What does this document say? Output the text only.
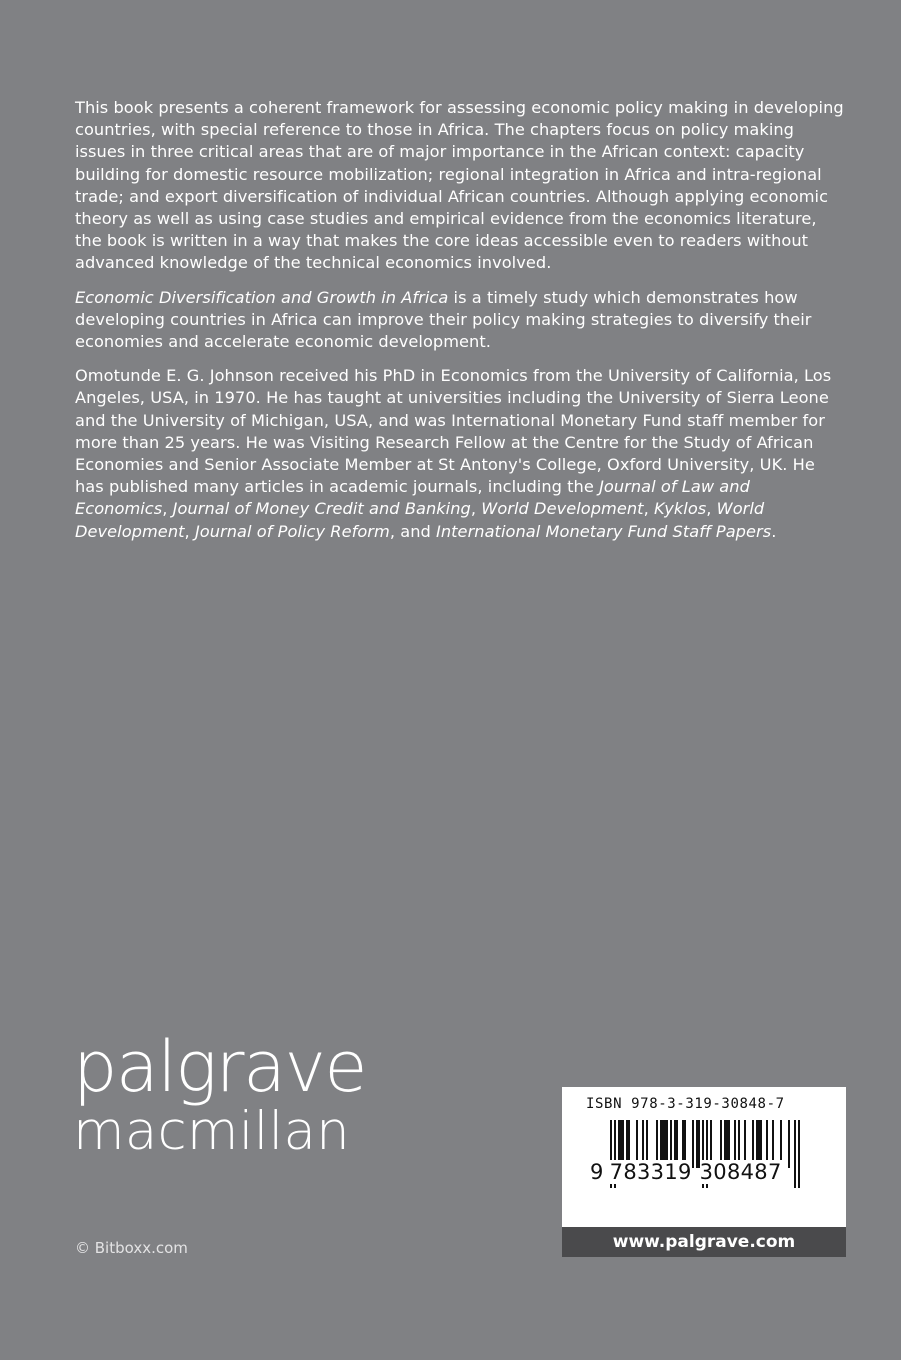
This book presents a coherent framework for assessing economic policy making in developing countries, with special reference to those in Africa. The chapters focus on policy making issues in three critical areas that are of major importance in the African context: capacity building for domestic resource mobilization; regional integration in Africa and intra-regional trade; and export diversification of individual African countries. Although applying economic theory as well as using case studies and empirical evidence from the economics literature, the book is written in a way that makes the core ideas accessible even to readers without advanced knowledge of the technical economics involved.

Economic Diversification and Growth in Africa is a timely study which demonstrates how developing countries in Africa can improve their policy making strategies to diversify their economies and accelerate economic development.

Omotunde E. G. Johnson received his PhD in Economics from the University of California, Los Angeles, USA, in 1970. He has taught at universities including the University of Sierra Leone and the University of Michigan, USA, and was International Monetary Fund staff member for more than 25 years. He was Visiting Research Fellow at the Centre for the Study of African Economies and Senior Associate Member at St Antony's College, Oxford University, UK. He has published many articles in academic journals, including the Journal of Law and Economics, Journal of Money Credit and Banking, World Development, Kyklos, World Development, Journal of Policy Reform, and International Monetary Fund Staff Papers.

palgrave
macmillan
© Bitboxx.com
ISBN 978-3-319-30848-7
9 783319 308487
www.palgrave.com
